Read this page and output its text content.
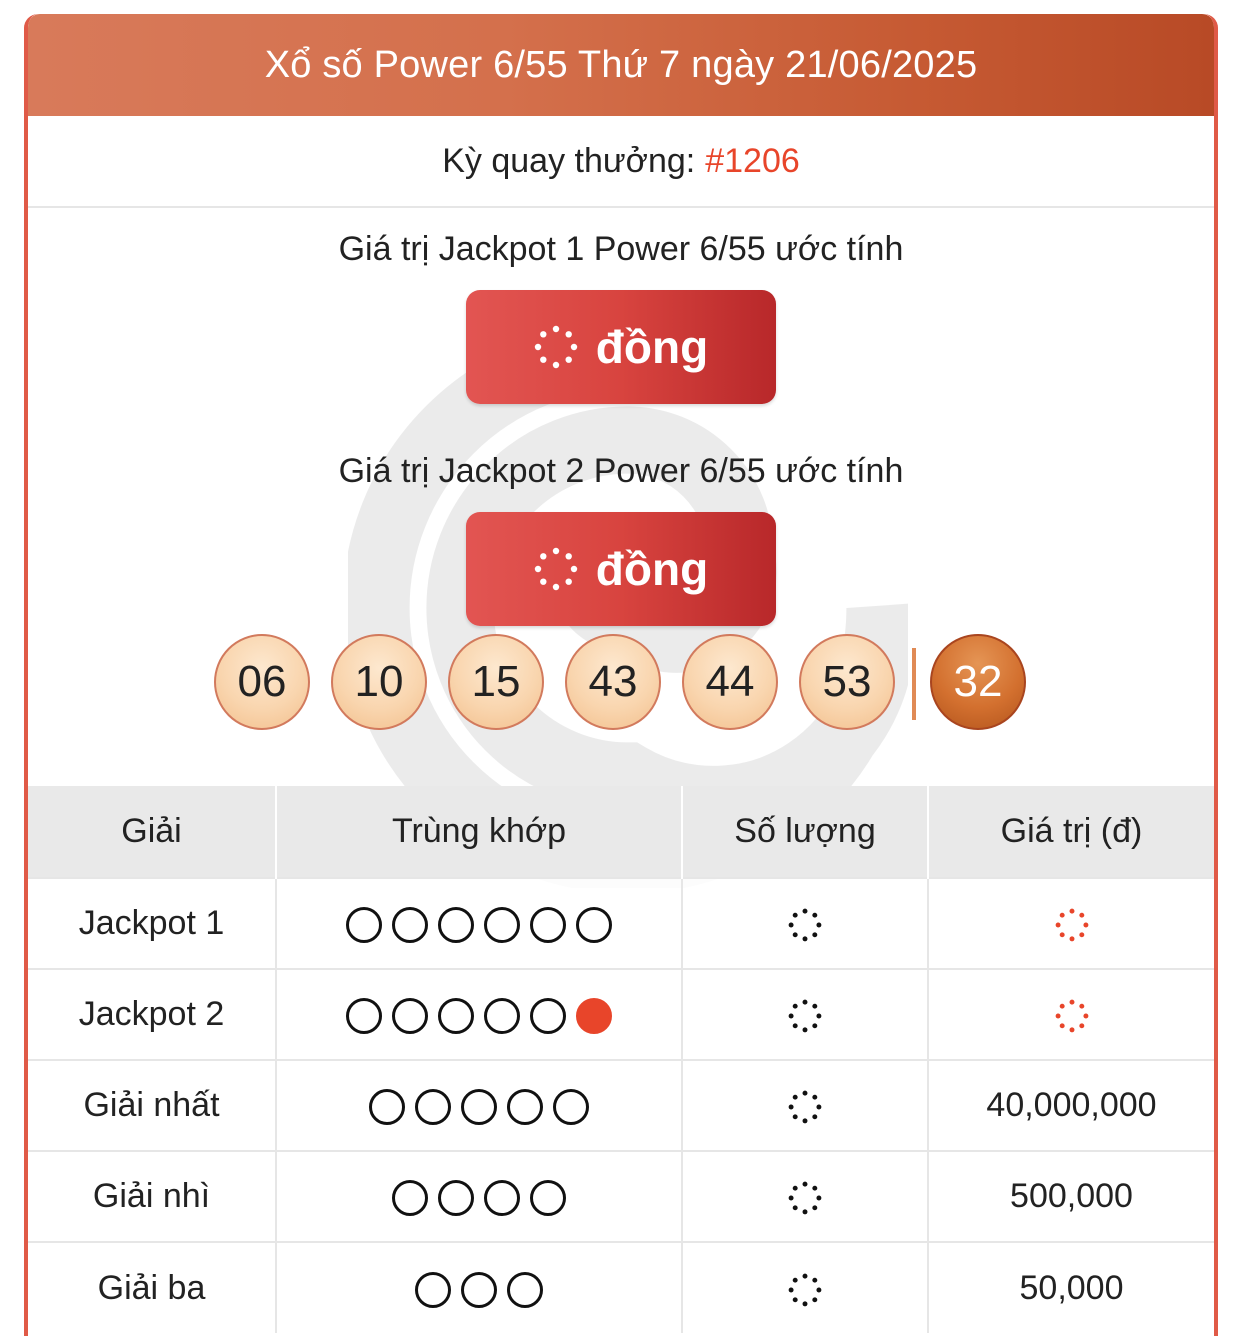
Xổ số Power 6/55 Thứ 7 ngày 21/06/2025
Kỳ quay thưởng: #1206
Giá trị Jackpot 1 Power 6/55 ước tính
đồng
Giá trị Jackpot 2 Power 6/55 ước tính
đồng
06	10	15	43	44	53	32
Giải	Trùng khớp	Số lượng	Giá trị (đ)
Jackpot 1	

Jackpot 2	

Giải nhất			40,000,000
Giải nhì			500,000
Giải ba			50,000
